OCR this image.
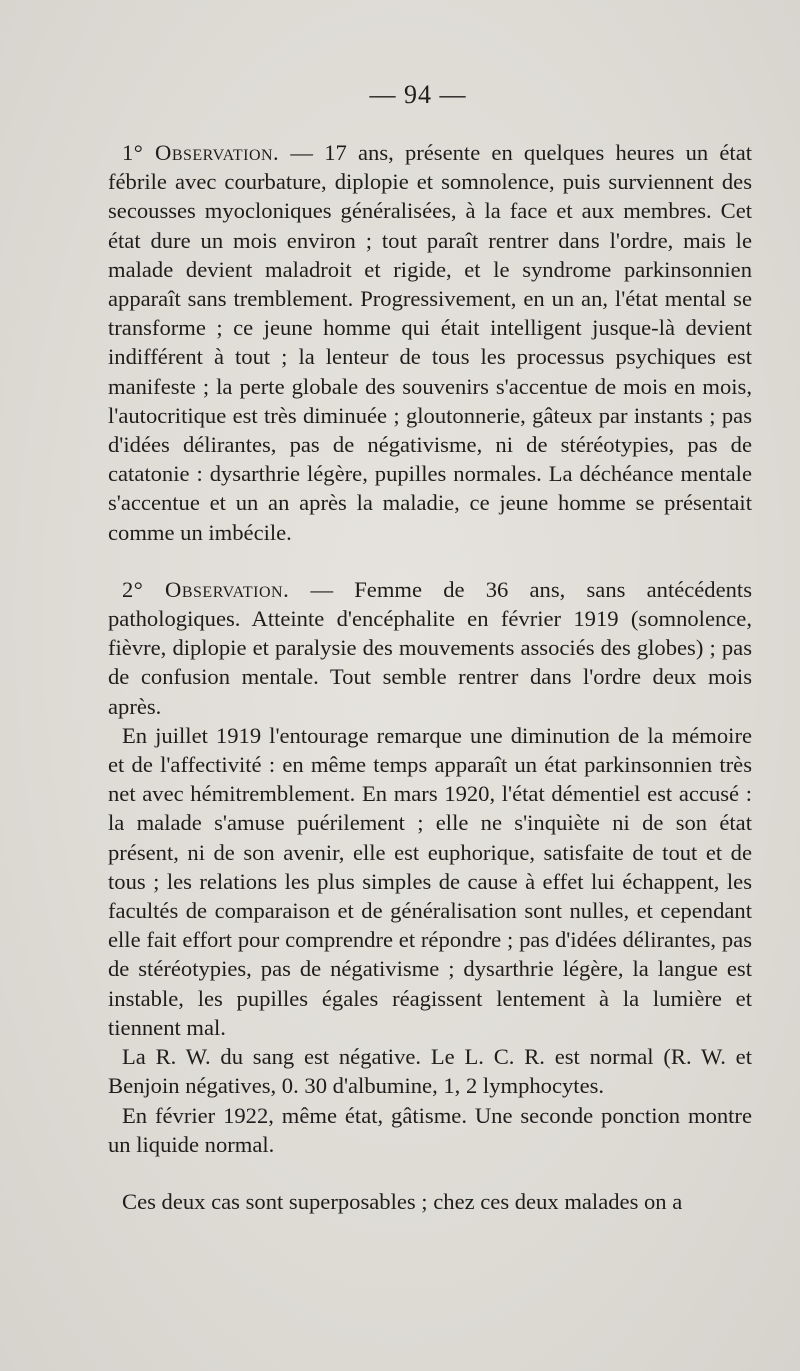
— 94 —

1° Observation. — 17 ans, présente en quelques heures un état fébrile avec courbature, diplopie et somnolence, puis surviennent des secousses myocloniques généralisées, à la face et aux membres. Cet état dure un mois environ ; tout paraît rentrer dans l'ordre, mais le malade devient maladroit et rigide, et le syndrome parkinsonnien apparaît sans tremblement. Progressivement, en un an, l'état mental se transforme ; ce jeune homme qui était intelligent jusque-là devient indifférent à tout ; la lenteur de tous les processus psychiques est manifeste ; la perte globale des souvenirs s'accentue de mois en mois, l'autocritique est très diminuée ; gloutonnerie, gâteux par instants ; pas d'idées délirantes, pas de négativisme, ni de stéréotypies, pas de catatonie : dysarthrie légère, pupilles normales. La déchéance mentale s'accentue et un an après la maladie, ce jeune homme se présentait comme un imbécile.

2° Observation. — Femme de 36 ans, sans antécédents pathologiques. Atteinte d'encéphalite en février 1919 (somnolence, fièvre, diplopie et paralysie des mouvements associés des globes) ; pas de confusion mentale. Tout semble rentrer dans l'ordre deux mois après.

En juillet 1919 l'entourage remarque une diminution de la mémoire et de l'affectivité : en même temps apparaît un état parkinsonnien très net avec hémitremblement. En mars 1920, l'état démentiel est accusé : la malade s'amuse puérilement ; elle ne s'inquiète ni de son état présent, ni de son avenir, elle est euphorique, satisfaite de tout et de tous ; les relations les plus simples de cause à effet lui échappent, les facultés de comparaison et de généralisation sont nulles, et cependant elle fait effort pour comprendre et répondre ; pas d'idées délirantes, pas de stéréotypies, pas de négativisme ; dysarthrie légère, la langue est instable, les pupilles égales réagissent lentement à la lumière et tiennent mal.

La R. W. du sang est négative. Le L. C. R. est normal (R. W. et Benjoin négatives, 0. 30 d'albumine, 1, 2 lymphocytes.

En février 1922, même état, gâtisme. Une seconde ponction montre un liquide normal.

Ces deux cas sont superposables ; chez ces deux malades on a
